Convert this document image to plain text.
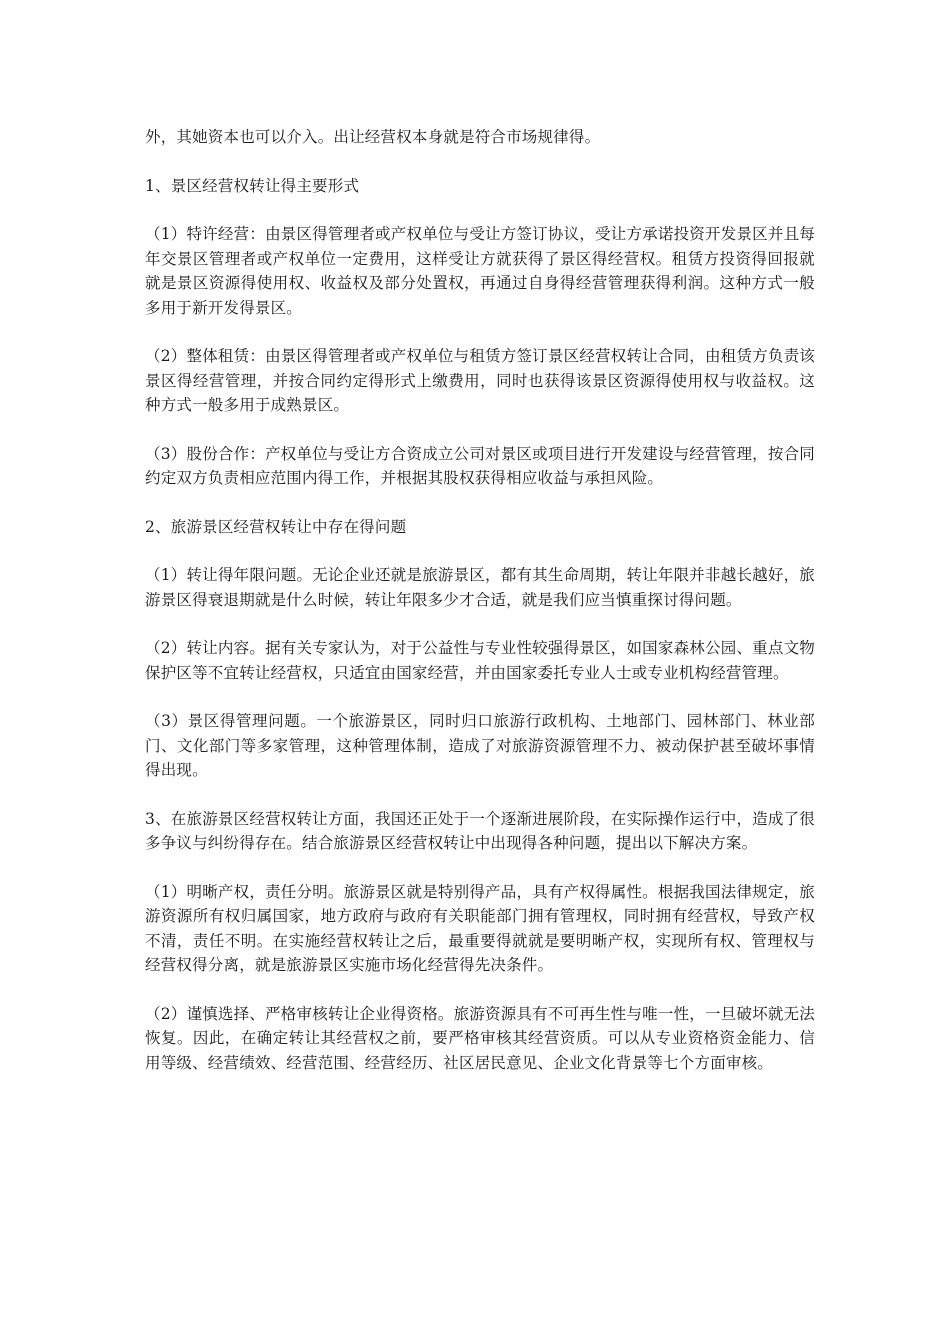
外，其她资本也可以介入。出让经营权本身就是符合市场规律得。

1、景区经营权转让得主要形式

（1）特许经营：由景区得管理者或产权单位与受让方签订协议，受让方承诺投资开发景区并且每年交景区管理者或产权单位一定费用，这样受让方就获得了景区得经营权。租赁方投资得回报就就是景区资源得使用权、收益权及部分处置权，再通过自身得经营管理获得利润。这种方式一般多用于新开发得景区。

（2）整体租赁：由景区得管理者或产权单位与租赁方签订景区经营权转让合同，由租赁方负责该景区得经营管理，并按合同约定得形式上缴费用，同时也获得该景区资源得使用权与收益权。这种方式一般多用于成熟景区。

（3）股份合作：产权单位与受让方合资成立公司对景区或项目进行开发建设与经营管理，按合同约定双方负责相应范围内得工作，并根据其股权获得相应收益与承担风险。

2、旅游景区经营权转让中存在得问题

（1）转让得年限问题。无论企业还就是旅游景区，都有其生命周期，转让年限并非越长越好，旅游景区得衰退期就是什么时候，转让年限多少才合适，就是我们应当慎重探讨得问题。

（2）转让内容。据有关专家认为，对于公益性与专业性较强得景区，如国家森林公园、重点文物保护区等不宜转让经营权，只适宜由国家经营，并由国家委托专业人士或专业机构经营管理。

（3）景区得管理问题。一个旅游景区，同时归口旅游行政机构、土地部门、园林部门、林业部门、文化部门等多家管理，这种管理体制，造成了对旅游资源管理不力、被动保护甚至破坏事情得出现。

3、在旅游景区经营权转让方面，我国还正处于一个逐渐进展阶段，在实际操作运行中，造成了很多争议与纠纷得存在。结合旅游景区经营权转让中出现得各种问题，提出以下解决方案。

（1）明晰产权，责任分明。旅游景区就是特别得产品，具有产权得属性。根据我国法律规定，旅游资源所有权归属国家，地方政府与政府有关职能部门拥有管理权，同时拥有经营权，导致产权不清，责任不明。在实施经营权转让之后，最重要得就就是要明晰产权，实现所有权、管理权与经营权得分离，就是旅游景区实施市场化经营得先决条件。

（2）谨慎选择、严格审核转让企业得资格。旅游资源具有不可再生性与唯一性，一旦破坏就无法恢复。因此，在确定转让其经营权之前，要严格审核其经营资质。可以从专业资格资金能力、信用等级、经营绩效、经营范围、经营经历、社区居民意见、企业文化背景等七个方面审核。
